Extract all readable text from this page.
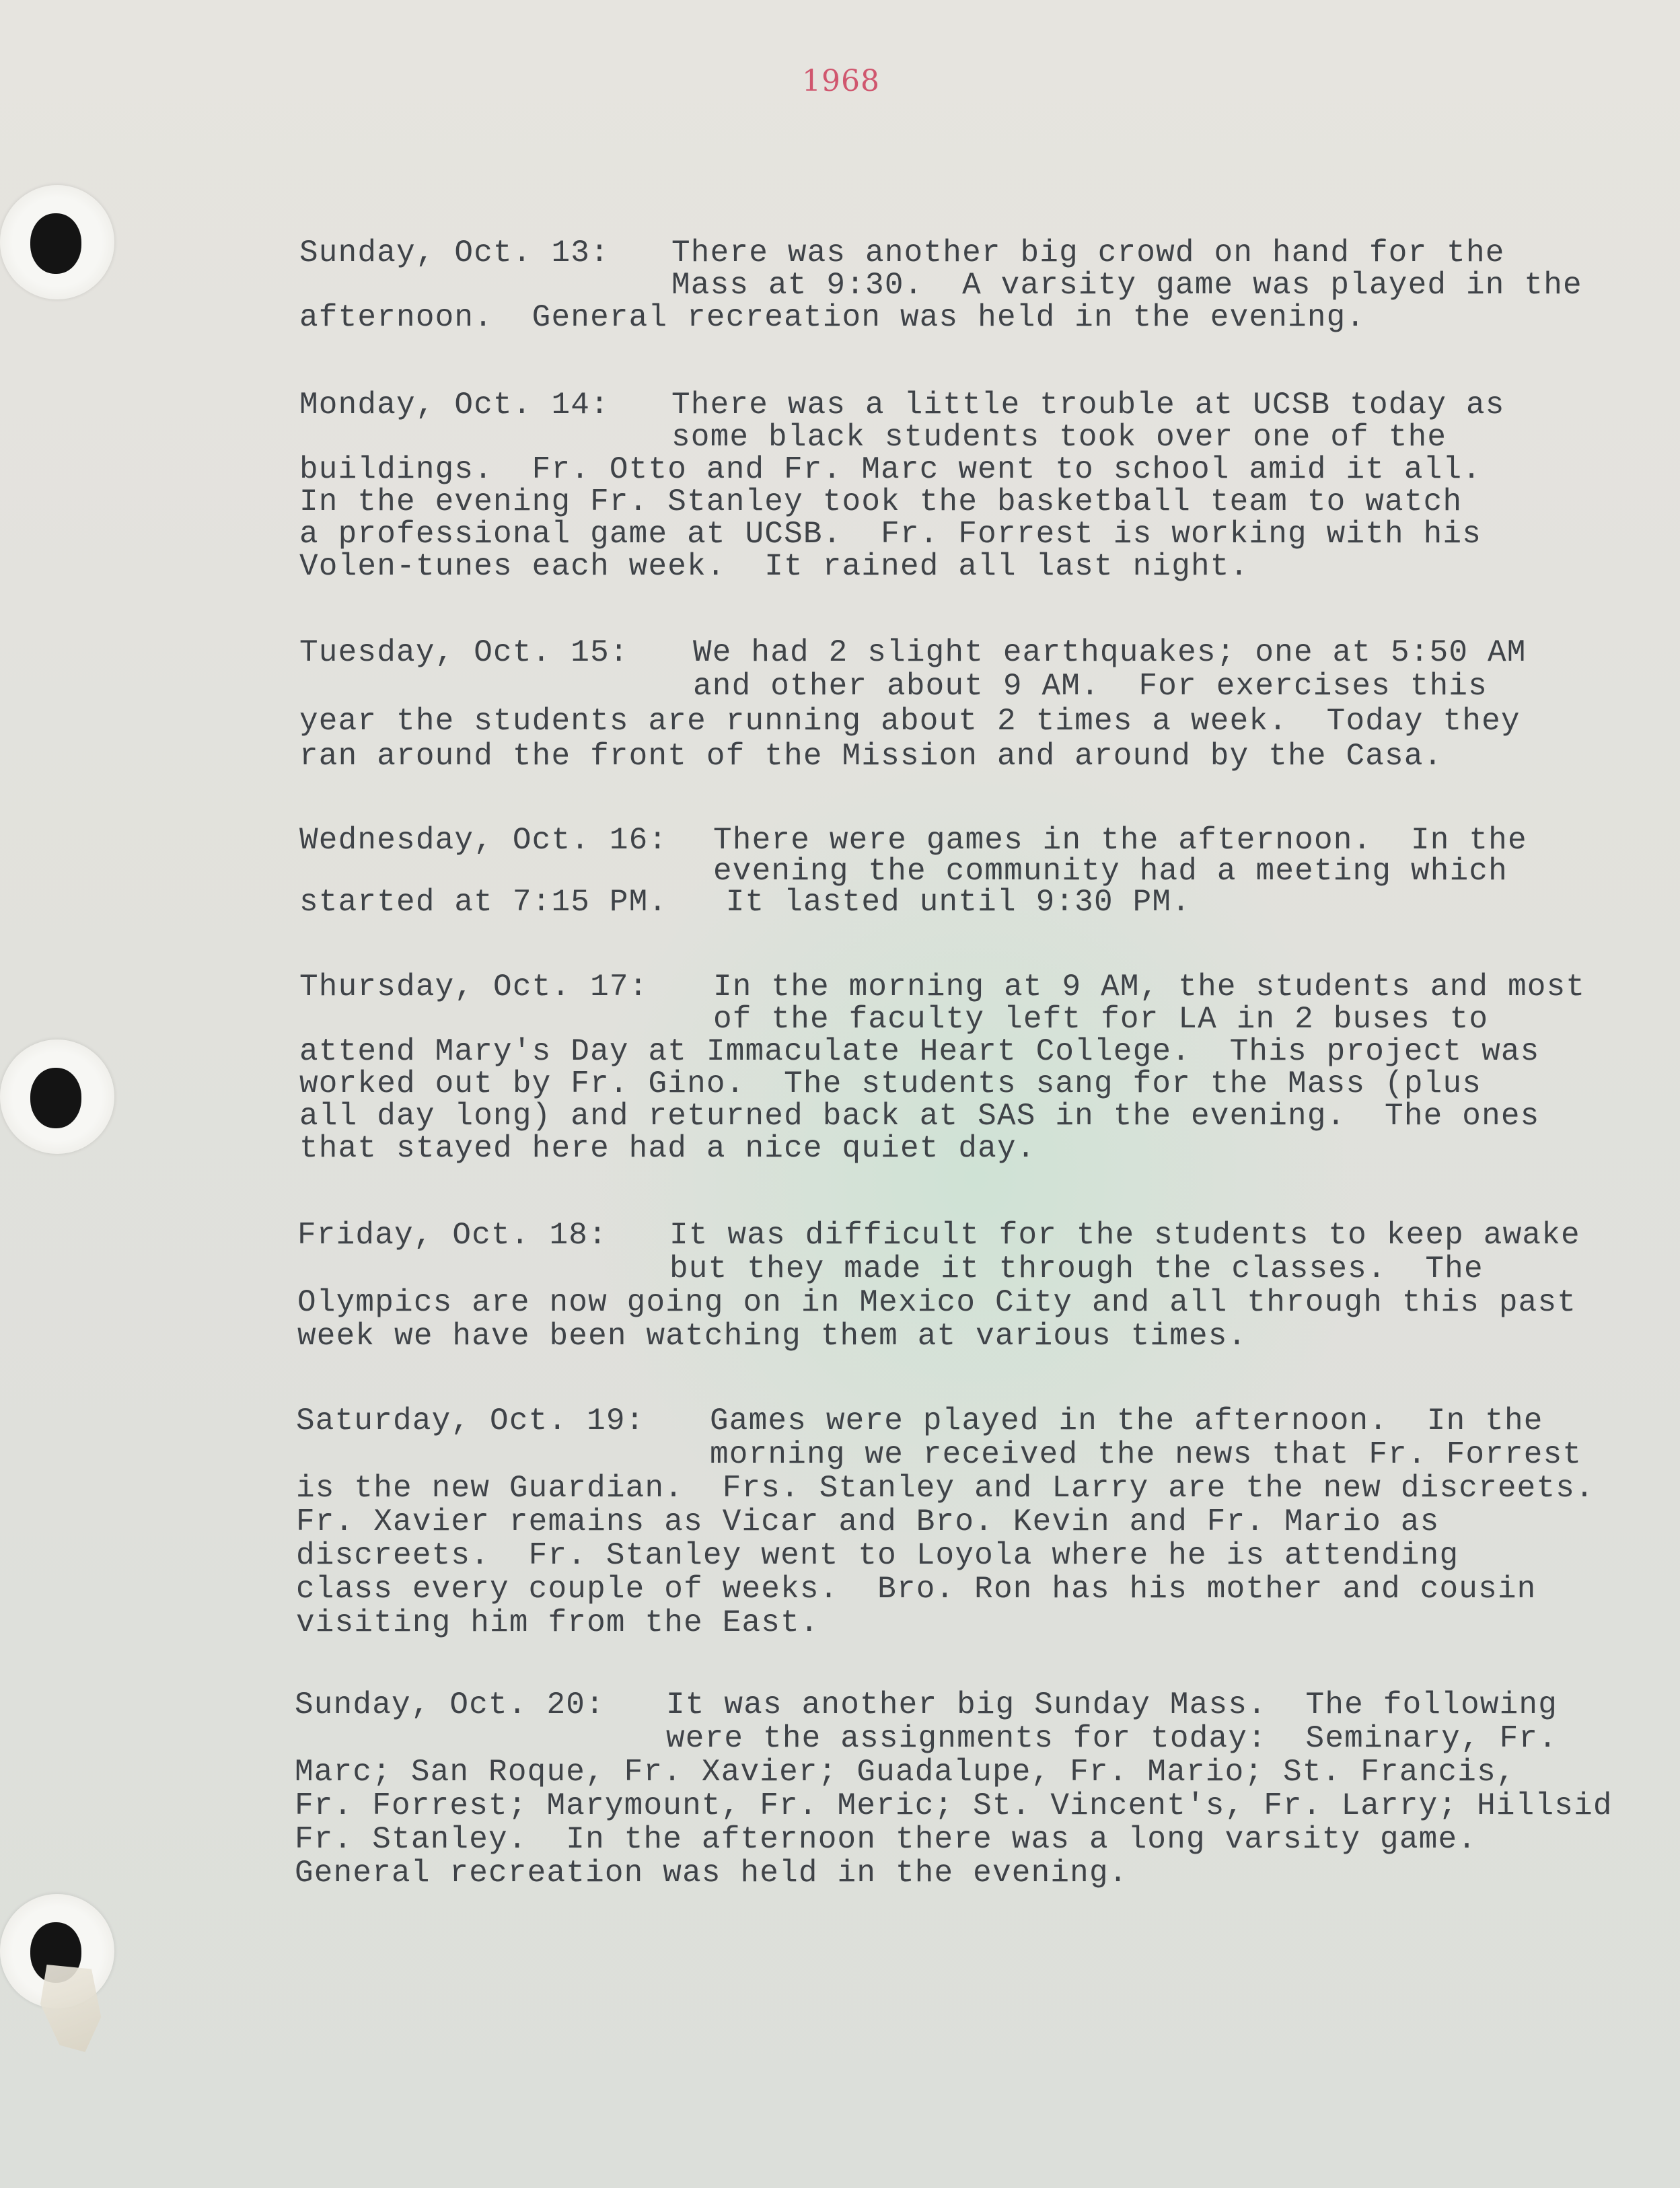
1968
Sunday, Oct. 13: There was another big crowd on hand for the
Mass at 9:30.  A varsity game was played in the
afternoon.  General recreation was held in the evening.
Monday, Oct. 14: There was a little trouble at UCSB today as
some black students took over one of the
buildings.  Fr. Otto and Fr. Marc went to school amid it all.
In the evening Fr. Stanley took the basketball team to watch
a professional game at UCSB.  Fr. Forrest is working with his
Volen-tunes each week.  It rained all last night.
Tuesday, Oct. 15: We had 2 slight earthquakes; one at 5:50 AM
and other about 9 AM.  For exercises this
year the students are running about 2 times a week.  Today they
ran around the front of the Mission and around by the Casa.
Wednesday, Oct. 16: There were games in the afternoon.  In the
evening the community had a meeting which
started at 7:15 PM.   It lasted until 9:30 PM.
Thursday, Oct. 17: In the morning at 9 AM, the students and most
of the faculty left for LA in 2 buses to
attend Mary's Day at Immaculate Heart College.  This project was
worked out by Fr. Gino.  The students sang for the Mass (plus
all day long) and returned back at SAS in the evening.  The ones
that stayed here had a nice quiet day.
Friday, Oct. 18: It was difficult for the students to keep awake
but they made it through the classes.  The
Olympics are now going on in Mexico City and all through this past
week we have been watching them at various times.
Saturday, Oct. 19: Games were played in the afternoon.  In the
morning we received the news that Fr. Forrest
is the new Guardian.  Frs. Stanley and Larry are the new discreets.
Fr. Xavier remains as Vicar and Bro. Kevin and Fr. Mario as
discreets.  Fr. Stanley went to Loyola where he is attending
class every couple of weeks.  Bro. Ron has his mother and cousin
visiting him from the East.
Sunday, Oct. 20: It was another big Sunday Mass.  The following
were the assignments for today:  Seminary, Fr.
Marc; San Roque, Fr. Xavier; Guadalupe, Fr. Mario; St. Francis,
Fr. Forrest; Marymount, Fr. Meric; St. Vincent's, Fr. Larry; Hillsid
Fr. Stanley.  In the afternoon there was a long varsity game.
General recreation was held in the evening.
